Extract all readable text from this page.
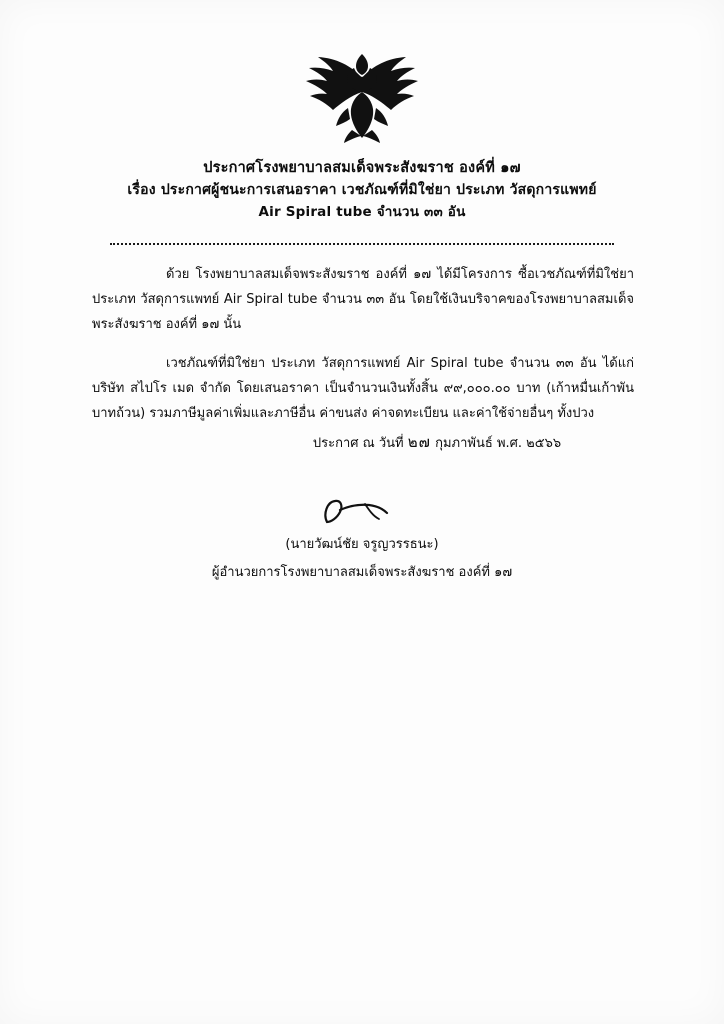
ประกาศโรงพยาบาลสมเด็จพระสังฆราช องค์ที่ ๑๗
เรื่อง ประกาศผู้ชนะการเสนอราคา เวชภัณฑ์ที่มิใช่ยา ประเภท วัสดุการแพทย์
Air Spiral tube จำนวน ๓๓ อัน

ด้วย โรงพยาบาลสมเด็จพระสังฆราช องค์ที่ ๑๗ ได้มีโครงการ ซื้อเวชภัณฑ์ที่มิใช่ยา ประเภท วัสดุการแพทย์ Air Spiral tube จำนวน ๓๓ อัน โดยใช้เงินบริจาคของโรงพยาบาลสมเด็จพระสังฆราช องค์ที่ ๑๗ นั้น

เวชภัณฑ์ที่มิใช่ยา ประเภท วัสดุการแพทย์ Air Spiral tube จำนวน ๓๓ อัน ได้แก่ บริษัท สไปโร เมด จำกัด โดยเสนอราคา เป็นจำนวนเงินทั้งสิ้น ๙๙,๐๐๐.๐๐ บาท (เก้าหมื่นเก้าพันบาทถ้วน) รวมภาษีมูลค่าเพิ่มและภาษีอื่น ค่าขนส่ง ค่าจดทะเบียน และค่าใช้จ่ายอื่นๆ ทั้งปวง

ประกาศ ณ วันที่ ๒๗ กุมภาพันธ์ พ.ศ. ๒๕๖๖
(นายวัฒน์ชัย จรูญวรรธนะ)
ผู้อำนวยการโรงพยาบาลสมเด็จพระสังฆราช องค์ที่ ๑๗
